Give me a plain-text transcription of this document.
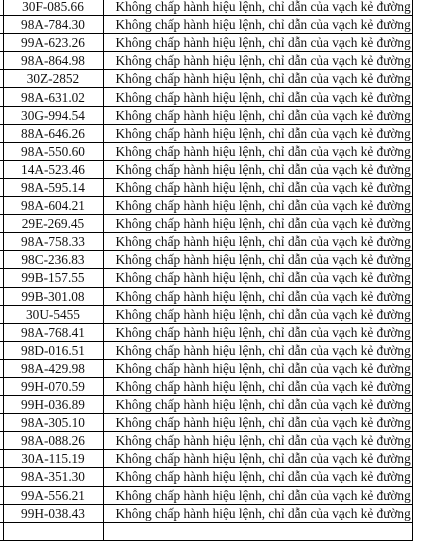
	30F-085.66	Không chấp hành hiệu lệnh, chỉ dẫn của vạch kẻ đường
	98A-784.30	Không chấp hành hiệu lệnh, chỉ dẫn của vạch kẻ đường
	99A-623.26	Không chấp hành hiệu lệnh, chỉ dẫn của vạch kẻ đường
	98A-864.98	Không chấp hành hiệu lệnh, chỉ dẫn của vạch kẻ đường
	30Z-2852	Không chấp hành hiệu lệnh, chỉ dẫn của vạch kẻ đường
	98A-631.02	Không chấp hành hiệu lệnh, chỉ dẫn của vạch kẻ đường
	30G-994.54	Không chấp hành hiệu lệnh, chỉ dẫn của vạch kẻ đường
	88A-646.26	Không chấp hành hiệu lệnh, chỉ dẫn của vạch kẻ đường
	98A-550.60	Không chấp hành hiệu lệnh, chỉ dẫn của vạch kẻ đường
	14A-523.46	Không chấp hành hiệu lệnh, chỉ dẫn của vạch kẻ đường
	98A-595.14	Không chấp hành hiệu lệnh, chỉ dẫn của vạch kẻ đường
	98A-604.21	Không chấp hành hiệu lệnh, chỉ dẫn của vạch kẻ đường
	29E-269.45	Không chấp hành hiệu lệnh, chỉ dẫn của vạch kẻ đường
	98A-758.33	Không chấp hành hiệu lệnh, chỉ dẫn của vạch kẻ đường
	98C-236.83	Không chấp hành hiệu lệnh, chỉ dẫn của vạch kẻ đường
	99B-157.55	Không chấp hành hiệu lệnh, chỉ dẫn của vạch kẻ đường
	99B-301.08	Không chấp hành hiệu lệnh, chỉ dẫn của vạch kẻ đường
	30U-5455	Không chấp hành hiệu lệnh, chỉ dẫn của vạch kẻ đường
	98A-768.41	Không chấp hành hiệu lệnh, chỉ dẫn của vạch kẻ đường
	98D-016.51	Không chấp hành hiệu lệnh, chỉ dẫn của vạch kẻ đường
	98A-429.98	Không chấp hành hiệu lệnh, chỉ dẫn của vạch kẻ đường
	99H-070.59	Không chấp hành hiệu lệnh, chỉ dẫn của vạch kẻ đường
	99H-036.89	Không chấp hành hiệu lệnh, chỉ dẫn của vạch kẻ đường
	98A-305.10	Không chấp hành hiệu lệnh, chỉ dẫn của vạch kẻ đường
	98A-088.26	Không chấp hành hiệu lệnh, chỉ dẫn của vạch kẻ đường
	30A-115.19	Không chấp hành hiệu lệnh, chỉ dẫn của vạch kẻ đường
	98A-351.30	Không chấp hành hiệu lệnh, chỉ dẫn của vạch kẻ đường
	99A-556.21	Không chấp hành hiệu lệnh, chỉ dẫn của vạch kẻ đường
	99H-038.43	Không chấp hành hiệu lệnh, chỉ dẫn của vạch kẻ đường
